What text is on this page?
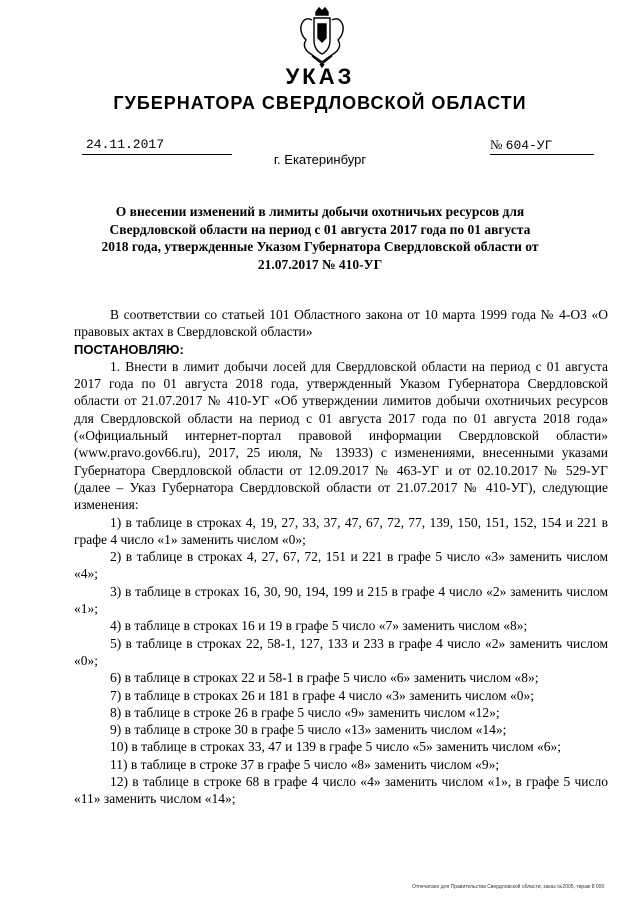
УКАЗ
ГУБЕРНАТОРА СВЕРДЛОВСКОЙ ОБЛАСТИ
24.11.2017	№ 604-УГ
г. Екатеринбург
О внесении изменений в лимиты добычи охотничьих ресурсов для Свердловской области на период с 01 августа 2017 года по 01 августа 2018 года, утвержденные Указом Губернатора Свердловской области от 21.07.2017 № 410-УГ

В соответствии со статьей 101 Областного закона от 10 марта 1999 года № 4-ОЗ «О правовых актах в Свердловской области»

ПОСТАНОВЛЯЮ:

1. Внести в лимит добычи лосей для Свердловской области на период с 01 августа 2017 года по 01 августа 2018 года, утвержденный Указом Губернатора Свердловской области от 21.07.2017 № 410-УГ «Об утверждении лимитов добычи охотничьих ресурсов для Свердловской области на период с 01 августа 2017 года по 01 августа 2018 года» («Официальный интернет-портал правовой информации Свердловской области» (www.pravo.gov66.ru), 2017, 25 июля, № 13933) с изменениями, внесенными указами Губернатора Свердловской области от 12.09.2017 № 463-УГ и от 02.10.2017 № 529-УГ (далее – Указ Губернатора Свердловской области от 21.07.2017 № 410-УГ), следующие изменения:

1) в таблице в строках 4, 19, 27, 33, 37, 47, 67, 72, 77, 139, 150, 151, 152, 154 и 221 в графе 4 число «1» заменить числом «0»;

2) в таблице в строках 4, 27, 67, 72, 151 и 221 в графе 5 число «3» заменить числом «4»;

3) в таблице в строках 16, 30, 90, 194, 199 и 215 в графе 4 число «2» заменить числом «1»;

4) в таблице в строках 16 и 19 в графе 5 число «7» заменить числом «8»;

5) в таблице в строках 22, 58-1, 127, 133 и 233 в графе 4 число «2» заменить числом «0»;

6) в таблице в строках 22 и 58-1 в графе 5 число «6» заменить числом «8»;

7) в таблице в строках 26 и 181 в графе 4 число «3» заменить числом «0»;

8) в таблице в строке 26 в графе 5 число «9» заменить числом «12»;

9) в таблице в строке 30 в графе 5 число «13» заменить числом «14»;

10) в таблице в строках 33, 47 и 139 в графе 5 число «5» заменить числом «6»;

11) в таблице в строке 37 в графе 5 число «8» заменить числом «9»;

12) в таблице в строке 68 в графе 4 число «4» заменить числом «1», в графе 5 число «11» заменить числом «14»;

Отпечатано для Правительства Свердловской области, заказ №2005, тираж 8 000
